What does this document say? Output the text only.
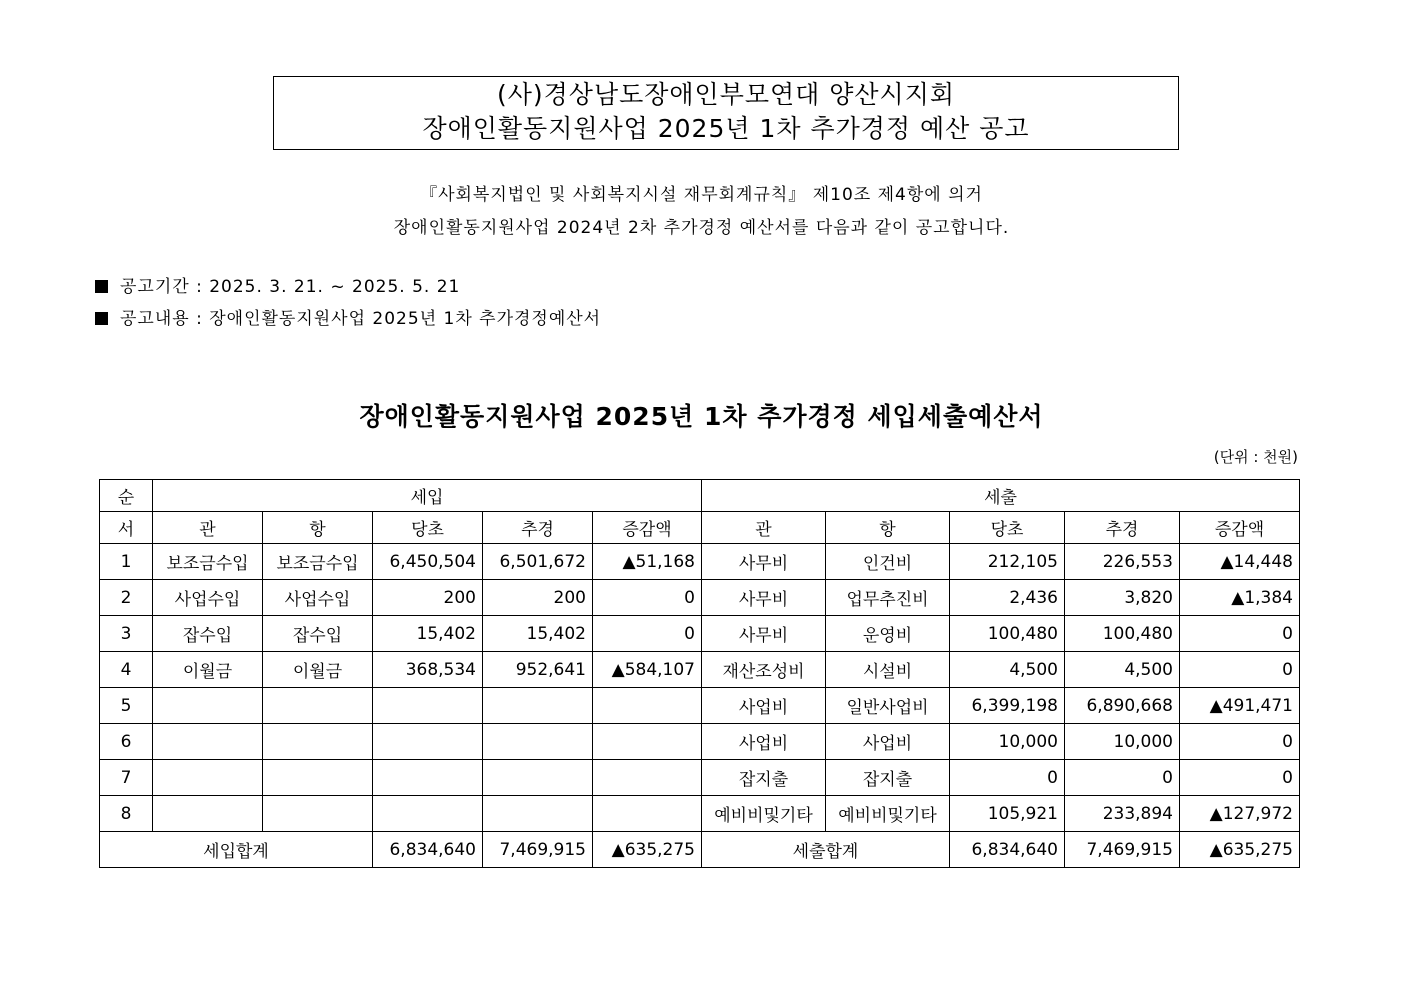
(사)경상남도장애인부모연대 양산시지회
장애인활동지원사업 2025년 1차 추가경정 예산 공고
『사회복지법인 및 사회복지시설 재무회계규칙』 제10조 제4항에 의거
장애인활동지원사업 2024년 2차 추가경정 예산서를 다음과 같이 공고합니다.
공고기간 : 2025. 3. 21. ~ 2025. 5. 21
공고내용 : 장애인활동지원사업 2025년 1차 추가경정예산서
장애인활동지원사업 2025년 1차 추가경정 세입세출예산서
(단위 : 천원)
순	세입					세출				
서	관	항	당초	추경	증감액	관	항	당초	추경	증감액
1	보조금수입	보조금수입	6,450,504	6,501,672	▲51,168	사무비	인건비	212,105	226,553	▲14,448
2	사업수입	사업수입	200	200	0	사무비	업무추진비	2,436	3,820	▲1,384
3	잡수입	잡수입	15,402	15,402	0	사무비	운영비	100,480	100,480	0
4	이월금	이월금	368,534	952,641	▲584,107	재산조성비	시설비	4,500	4,500	0
5						사업비	일반사업비	6,399,198	6,890,668	▲491,471
6						사업비	사업비	10,000	10,000	0
7						잡지출	잡지출	0	0	0
8						예비비및기타	예비비및기타	105,921	233,894	▲127,972
세입합계			6,834,640	7,469,915	▲635,275	세출합계		6,834,640	7,469,915	▲635,275
